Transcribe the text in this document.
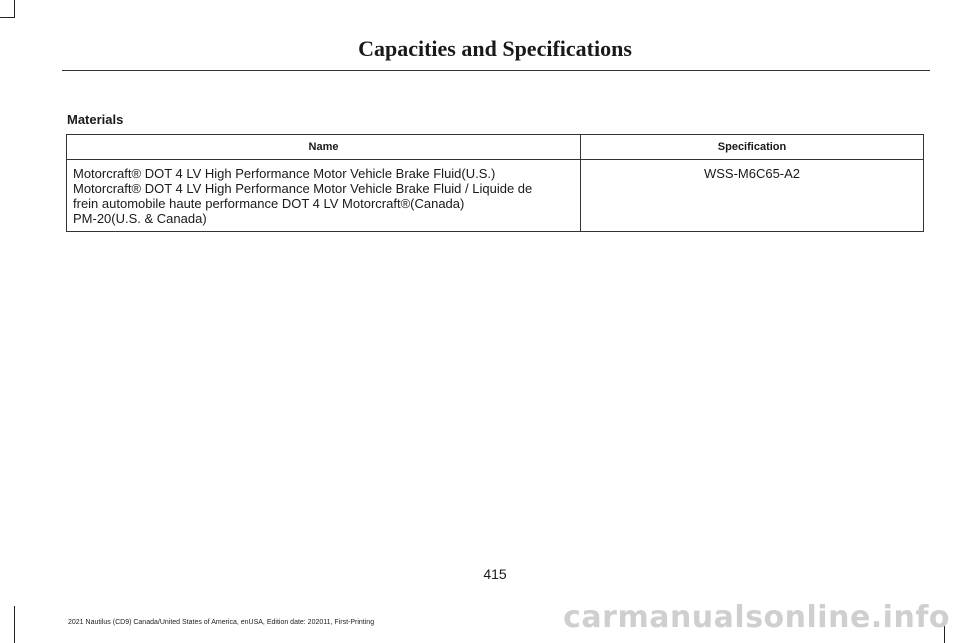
Capacities and Specifications
Materials
Name	Specification

Motorcraft® DOT 4 LV High Performance Motor Vehicle Brake Fluid(U.S.)
Motorcraft® DOT 4 LV High Performance Motor Vehicle Brake Fluid / Liquide de
frein automobile haute performance DOT 4 LV Motorcraft®(Canada)
PM-20(U.S. & Canada)	WSS-M6C65-A2
415
2021 Nautilus (CD9) Canada/United States of America, enUSA, Edition date: 202011, First-Printing	carmanualsonline.info
